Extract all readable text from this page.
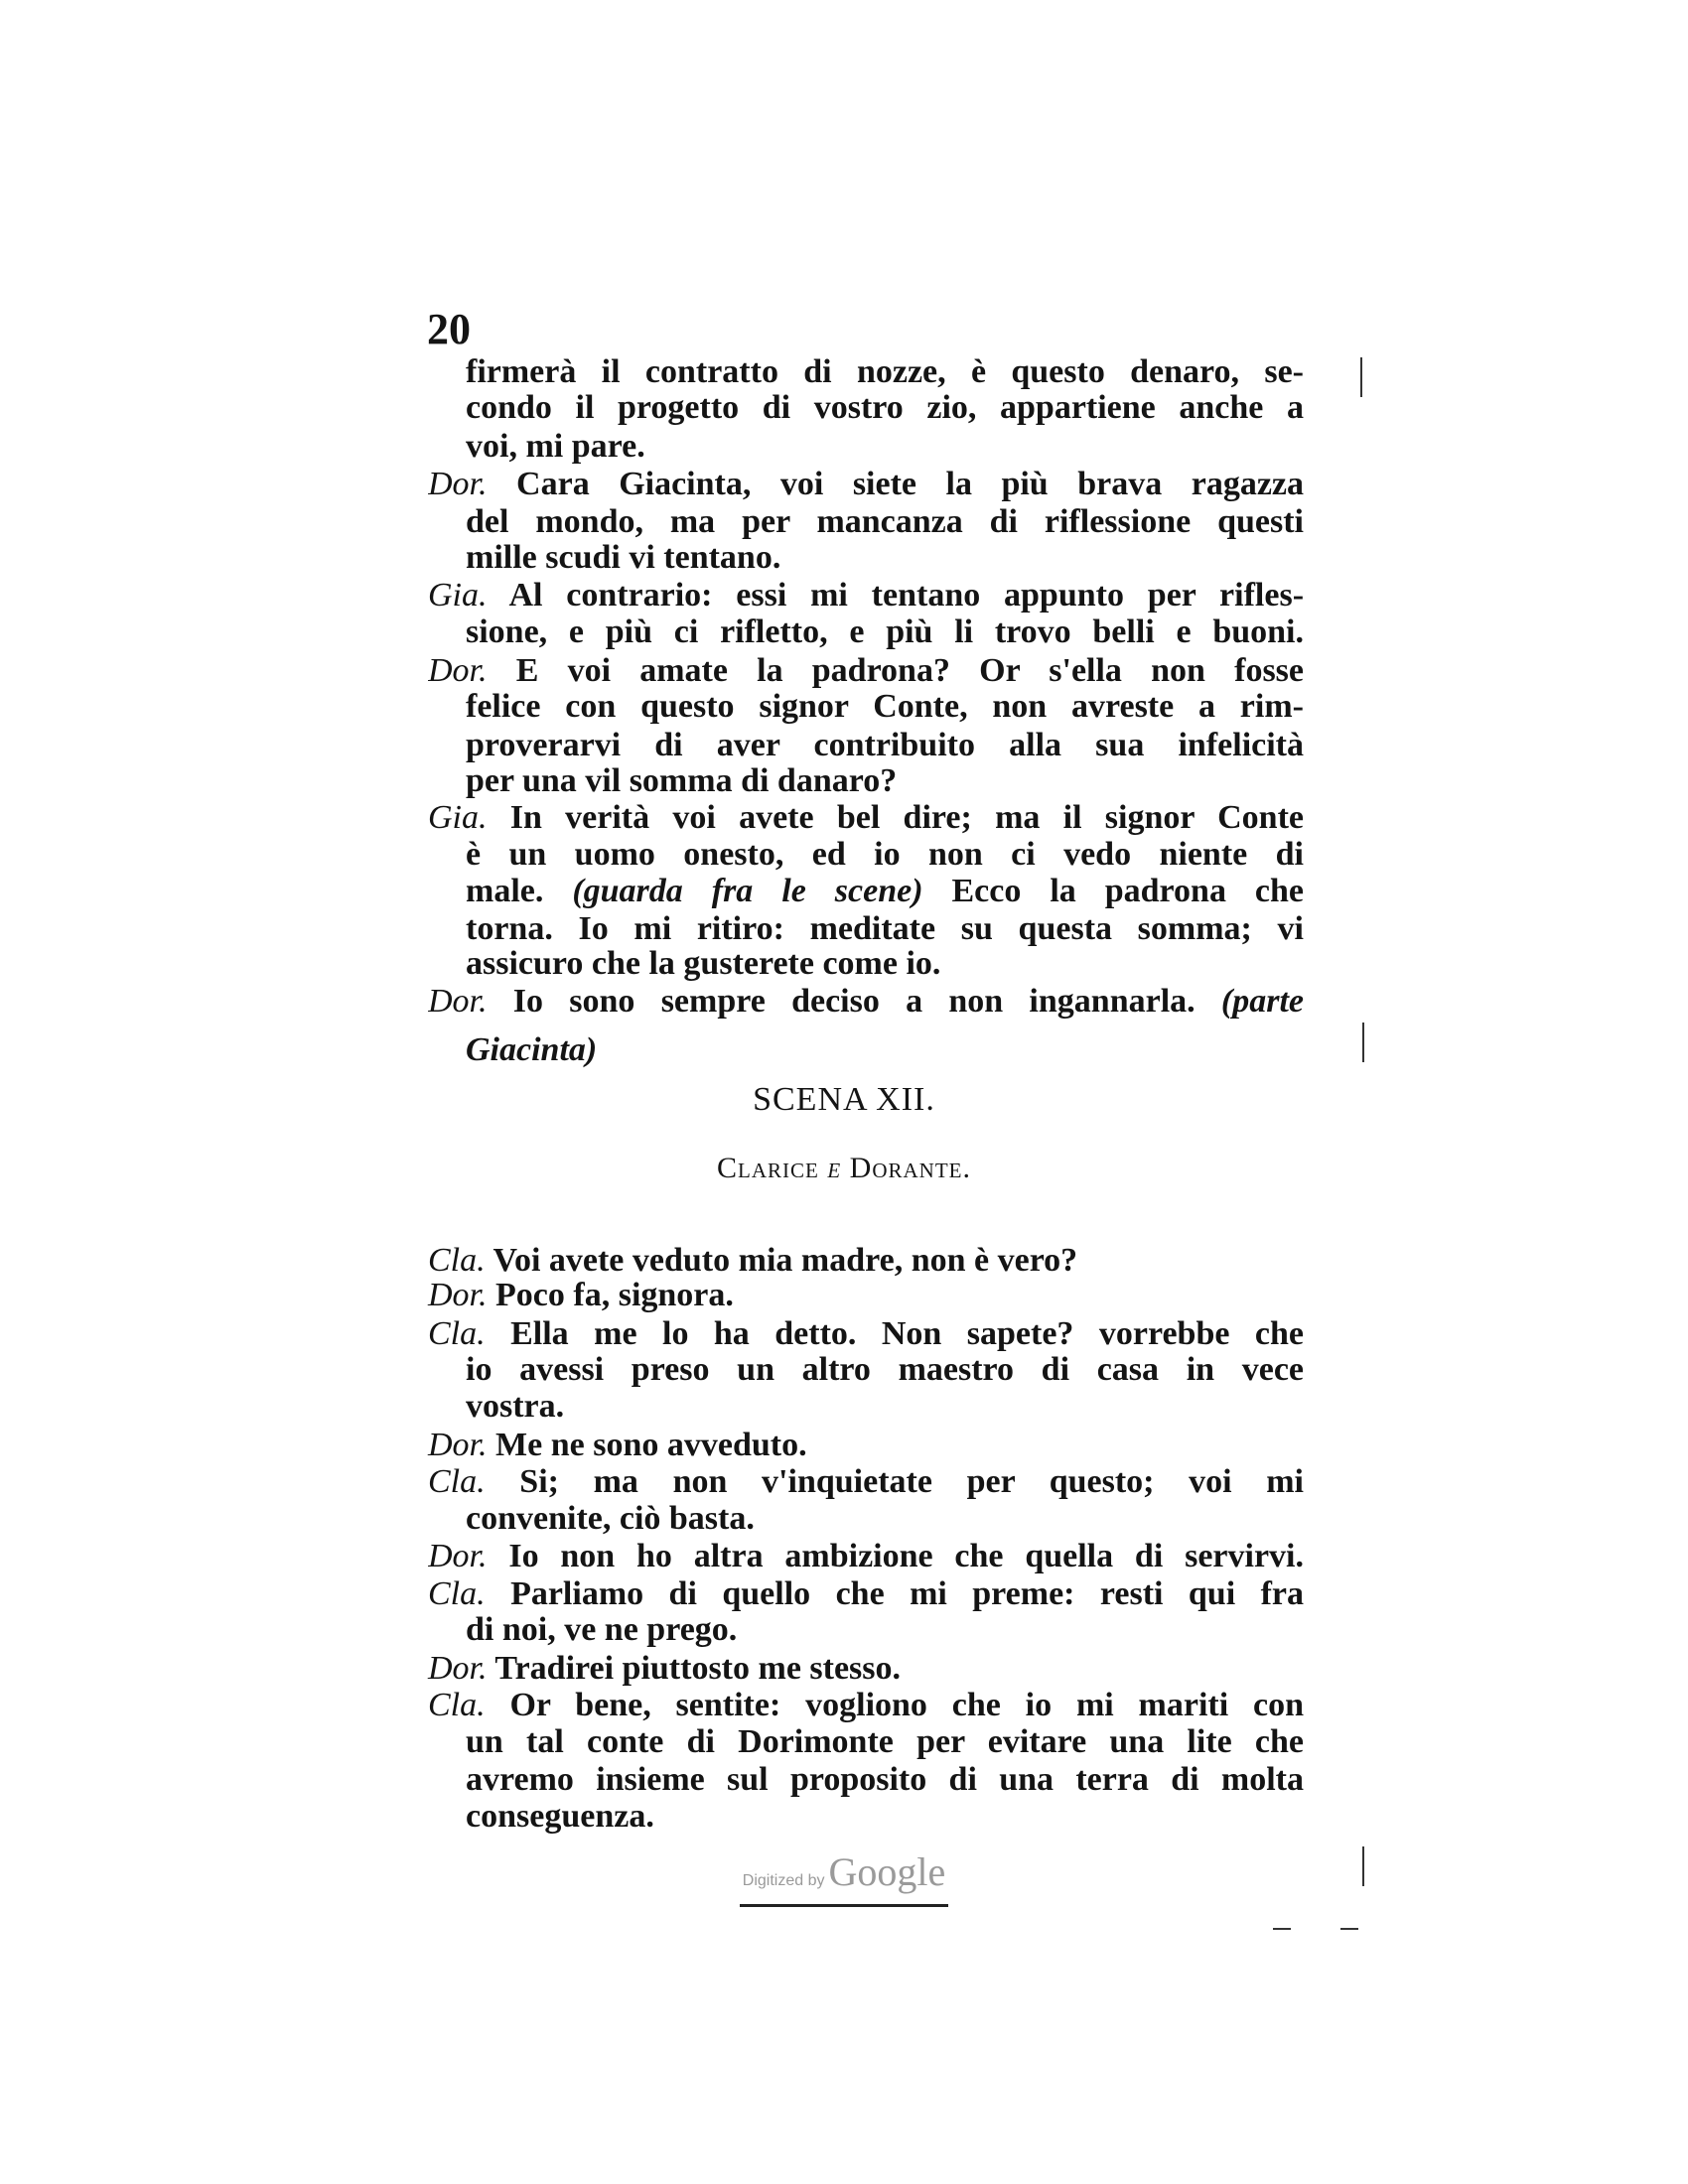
20
firmerà il contratto di nozze, è questo denaro, se-
condo il progetto di vostro zio, appartiene anche a
voi, mi pare.
Dor. Cara Giacinta, voi siete la più brava ragazza
del mondo, ma per mancanza di riflessione questi
mille scudi vi tentano.
Gia. Al contrario: essi mi tentano appunto per rifles-
sione, e più ci rifletto, e più li trovo belli e buoni.
Dor. E voi amate la padrona? Or s'ella non fosse
felice con questo signor Conte, non avreste a rim-
proverarvi di aver contribuito alla sua infelicità
per una vil somma di danaro?
Gia. In verità voi avete bel dire; ma il signor Conte
è un uomo onesto, ed io non ci vedo niente di
male. (guarda fra le scene) Ecco la padrona che
torna. Io mi ritiro: meditate su questa somma; vi
assicuro che la gusterete come io.
Dor. Io sono sempre deciso a non ingannarla. (parte
Giacinta)
SCENA XII.
Clarice e Dorante.
Cla. Voi avete veduto mia madre, non è vero?
Dor. Poco fa, signora.
Cla. Ella me lo ha detto. Non sapete? vorrebbe che
io avessi preso un altro maestro di casa in vece
vostra.
Dor. Me ne sono avveduto.
Cla. Si; ma non v'inquietate per questo; voi mi
convenite, ciò basta.
Dor. Io non ho altra ambizione che quella di servirvi.
Cla. Parliamo di quello che mi preme: resti qui fra
di noi, ve ne prego.
Dor. Tradirei piuttosto me stesso.
Cla. Or bene, sentite: vogliono che io mi mariti con
un tal conte di Dorimonte per evitare una lite che
avremo insieme sul proposito di una terra di molta
conseguenza.
Digitized by Google
